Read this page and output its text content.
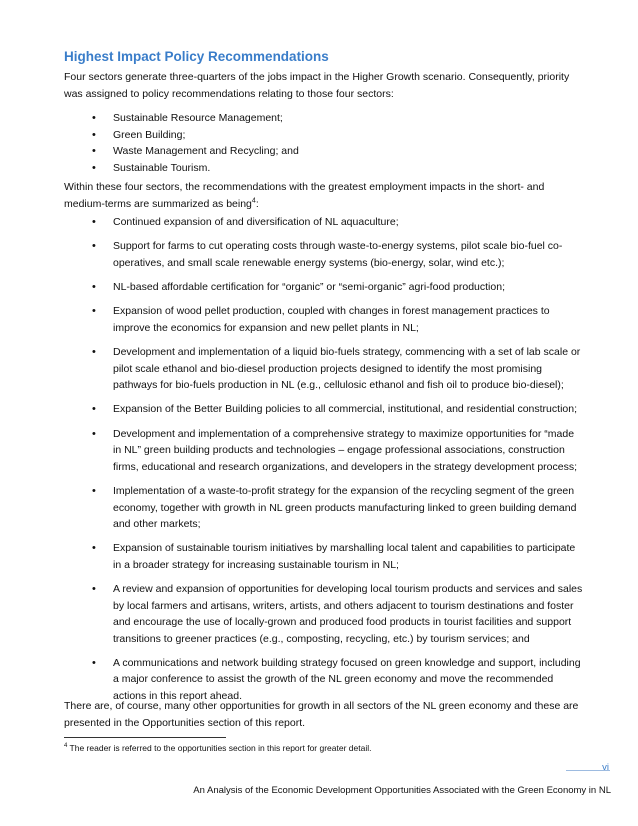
Highest Impact Policy Recommendations

Four sectors generate three-quarters of the jobs impact in the Higher Growth scenario. Consequently, priority was assigned to policy recommendations relating to those four sectors:

• Sustainable Resource Management;
• Green Building;
• Waste Management and Recycling; and
• Sustainable Tourism.

Within these four sectors, the recommendations with the greatest employment impacts in the short- and medium-terms are summarized as being$^4$:

• Continued expansion of and diversification of NL aquaculture;
• Support for farms to cut operating costs through waste-to-energy systems, pilot scale bio-fuel co-operatives, and small scale renewable energy systems (bio-energy, solar, wind etc.);
• NL-based affordable certification for “organic” or “semi-organic” agri-food production;
• Expansion of wood pellet production, coupled with changes in forest management practices to improve the economics for expansion and new pellet plants in NL;
• Development and implementation of a liquid bio-fuels strategy, commencing with a set of lab scale or pilot scale ethanol and bio-diesel production projects designed to identify the most promising pathways for bio-fuels production in NL (e.g., cellulosic ethanol and fish oil to produce bio-diesel);
• Expansion of the Better Building policies to all commercial, institutional, and residential construction;
• Development and implementation of a comprehensive strategy to maximize opportunities for “made in NL” green building products and technologies – engage professional associations, construction firms, educational and research organizations, and developers in the strategy development process;
• Implementation of a waste-to-profit strategy for the expansion of the recycling segment of the green economy, together with growth in NL green products manufacturing linked to green building demand and other markets;
• Expansion of sustainable tourism initiatives by marshalling local talent and capabilities to participate in a broader strategy for increasing sustainable tourism in NL;
• A review and expansion of opportunities for developing local tourism products and services and sales by local farmers and artisans, writers, artists, and others adjacent to tourism destinations and foster and encourage the use of locally-grown and produced food products in tourist facilities and support transitions to greener practices (e.g., composting, recycling, etc.) by tourism services; and
• A communications and network building strategy focused on green knowledge and support, including a major conference to assist the growth of the NL green economy and move the recommended actions in this report ahead.

There are, of course, many other opportunities for growth in all sectors of the NL green economy and these are presented in the Opportunities section of this report.

$^4$ The reader is referred to the opportunities section in this report for greater detail.
vi
An Analysis of the Economic Development Opportunities Associated with the Green Economy in NL
